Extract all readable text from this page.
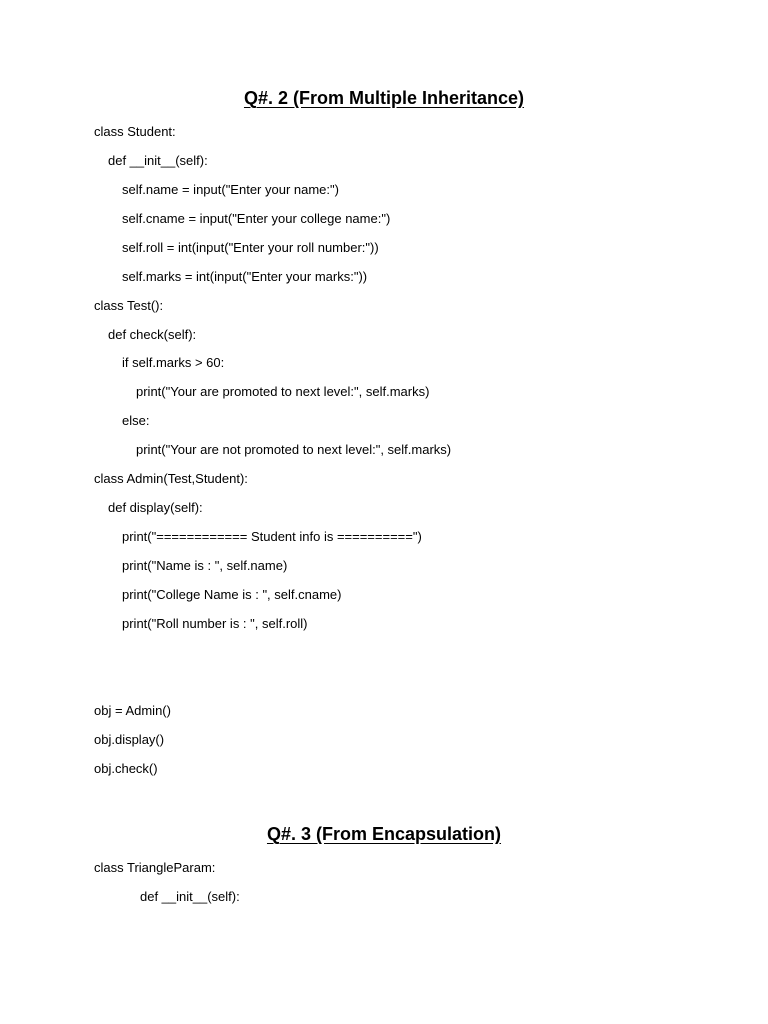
Q#. 2 (From Multiple Inheritance)
class Student:
def __init__(self):
self.name = input("Enter your name:")
self.cname = input("Enter your college name:")
self.roll = int(input("Enter your roll number:"))
self.marks = int(input("Enter your marks:"))
class Test():
def check(self):
if self.marks > 60:
print("Your are promoted to next level:", self.marks)
else:
print("Your are not promoted to next level:", self.marks)
class Admin(Test,Student):
def display(self):
print("============ Student info is ==========")
print("Name is : ", self.name)
print("College Name is : ", self.cname)
print("Roll number is : ", self.roll)
obj = Admin()
obj.display()
obj.check()
Q#. 3 (From Encapsulation)
class TriangleParam:
def __init__(self):
